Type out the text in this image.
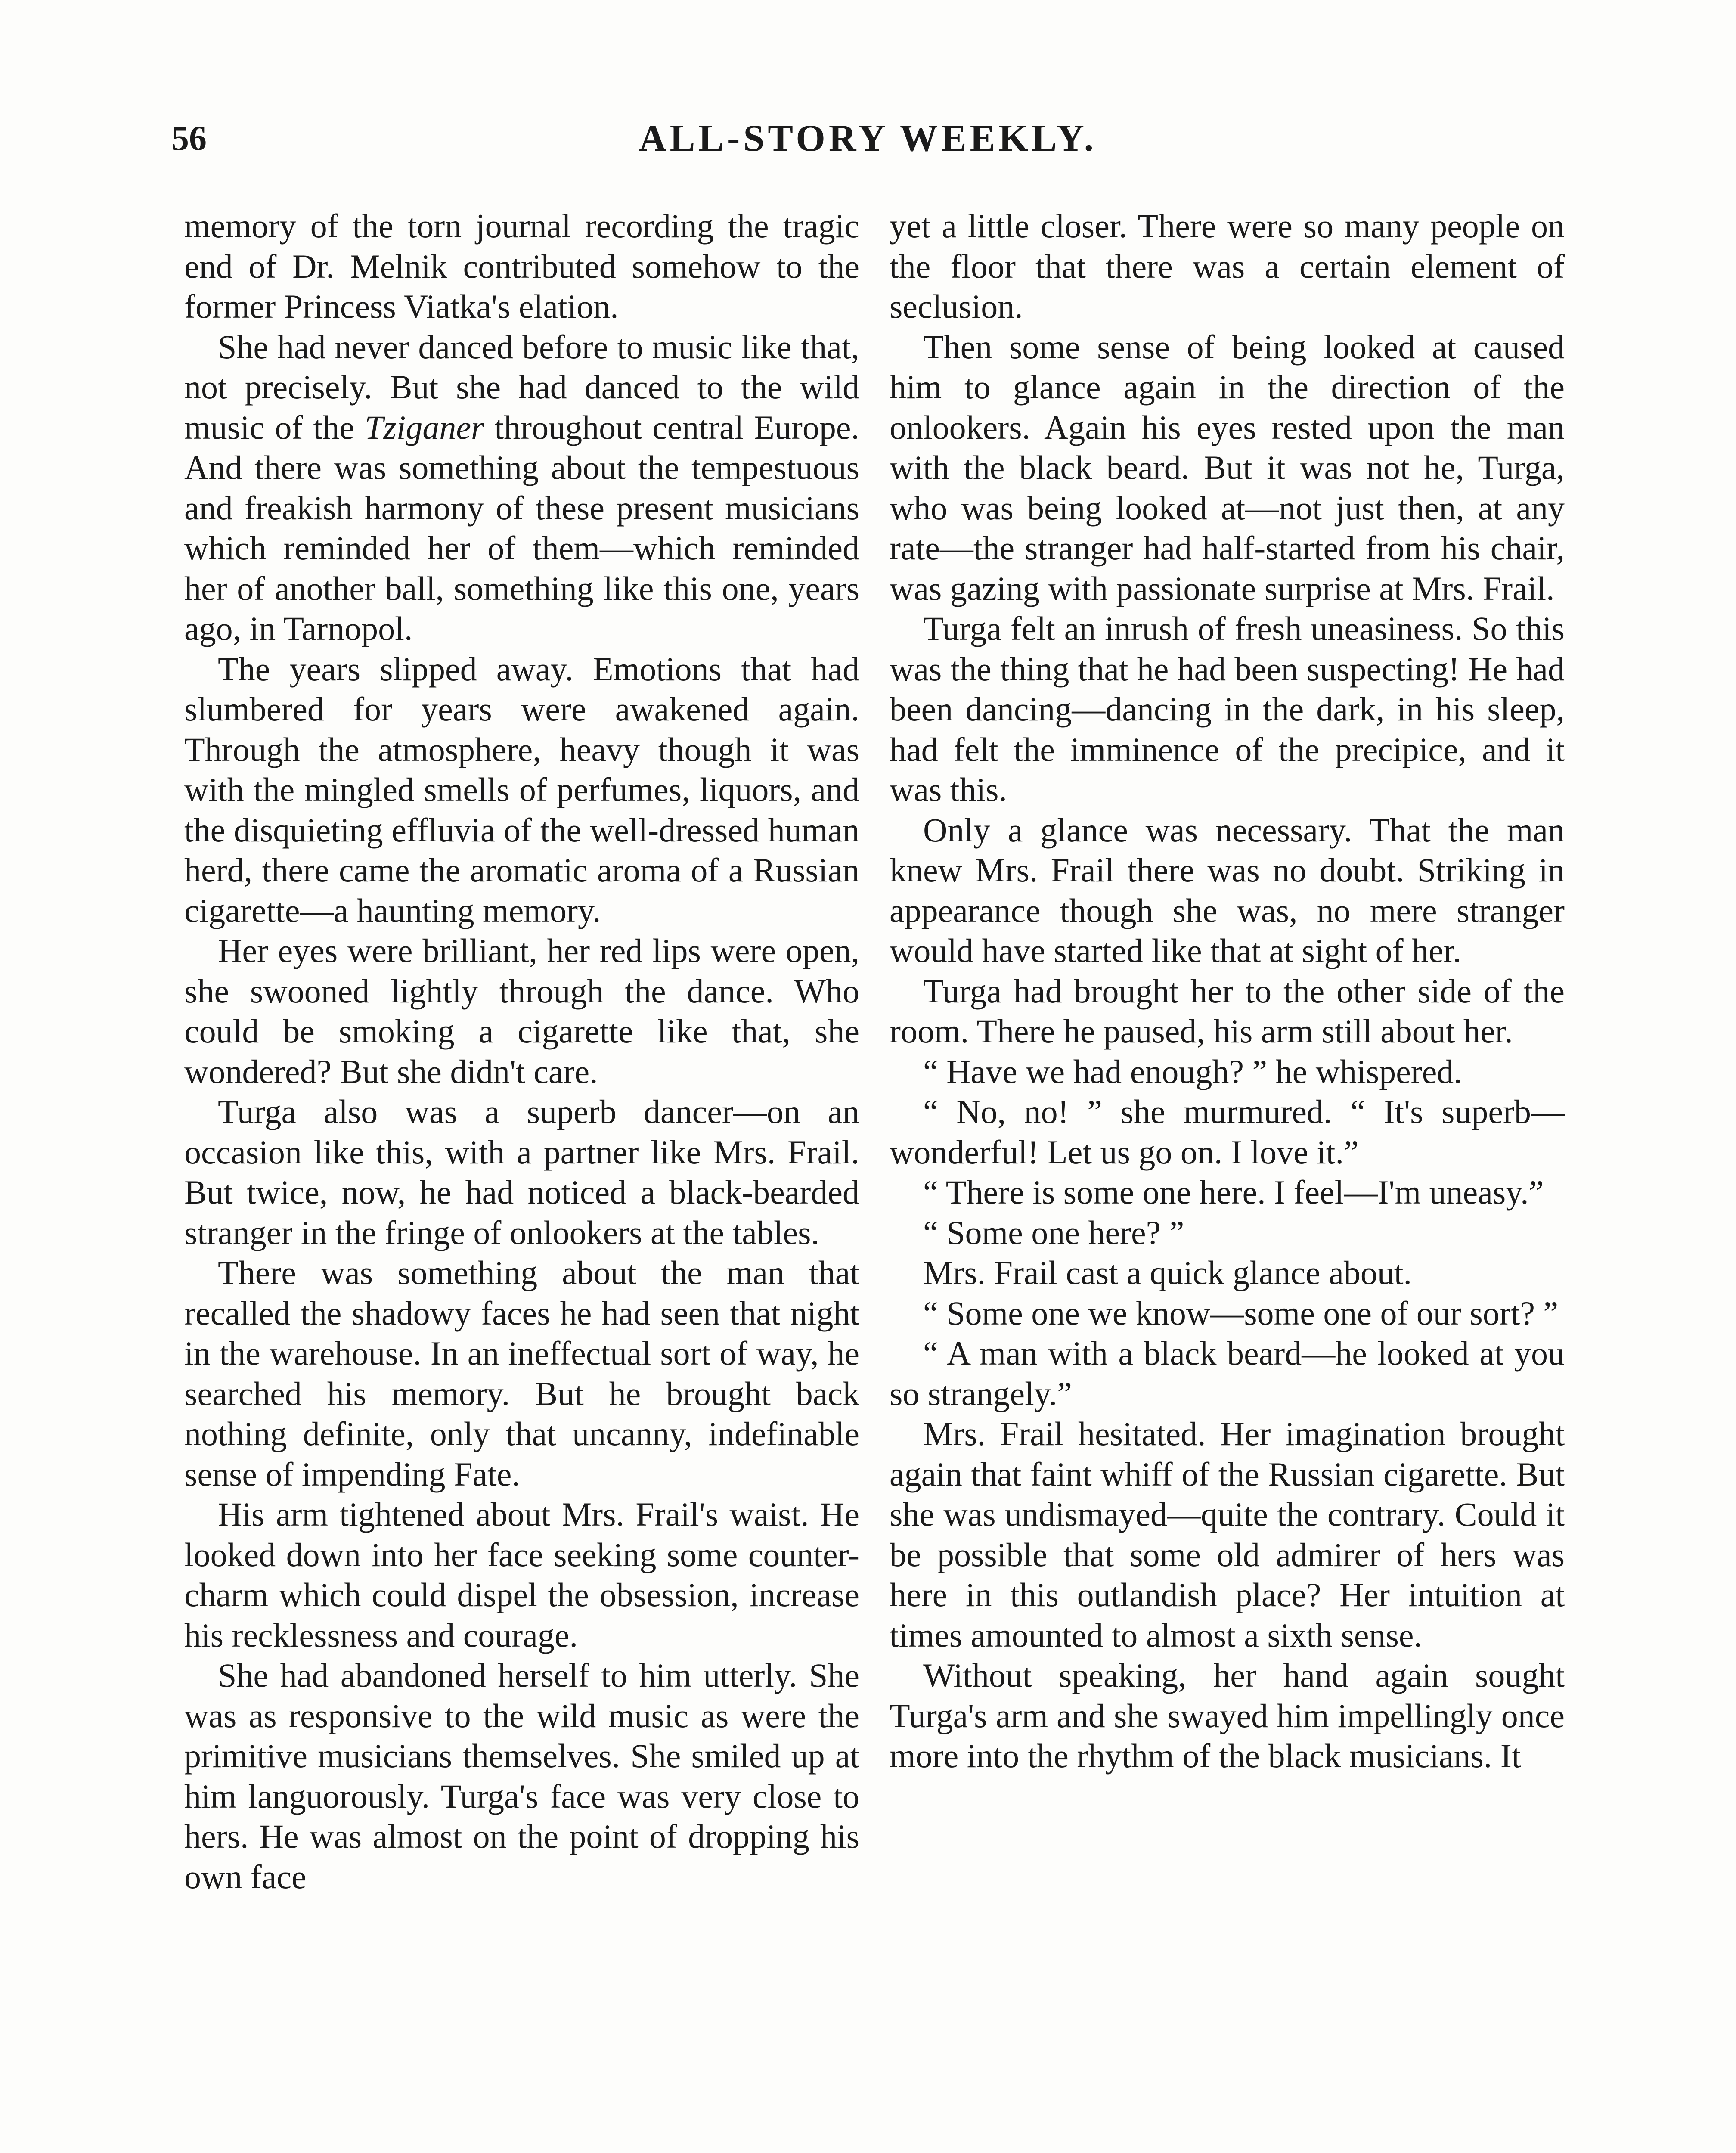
56	ALL-STORY WEEKLY.

memory of the torn journal recording the tragic end of Dr. Melnik contributed somehow to the former Princess Viatka's elation.

She had never danced before to music like that, not precisely. But she had danced to the wild music of the Tziganer throughout central Europe. And there was something about the tempestuous and freakish harmony of these present musicians which reminded her of them—which reminded her of another ball, something like this one, years ago, in Tarnopol.

The years slipped away. Emotions that had slumbered for years were awakened again. Through the atmosphere, heavy though it was with the mingled smells of perfumes, liquors, and the disquieting effluvia of the well-dressed human herd, there came the aromatic aroma of a Russian cigarette—a haunting memory.

Her eyes were brilliant, her red lips were open, she swooned lightly through the dance. Who could be smoking a cigarette like that, she wondered? But she didn't care.

Turga also was a superb dancer—on an occasion like this, with a partner like Mrs. Frail. But twice, now, he had noticed a black-bearded stranger in the fringe of onlookers at the tables.

There was something about the man that recalled the shadowy faces he had seen that night in the warehouse. In an ineffectual sort of way, he searched his memory. But he brought back nothing definite, only that uncanny, indefinable sense of impending Fate.

His arm tightened about Mrs. Frail's waist. He looked down into her face seeking some counter-charm which could dispel the obsession, increase his recklessness and courage.

She had abandoned herself to him utterly. She was as responsive to the wild music as were the primitive musicians themselves. She smiled up at him languorously. Turga's face was very close to hers. He was almost on the point of dropping his own face

yet a little closer. There were so many people on the floor that there was a certain element of seclusion.

Then some sense of being looked at caused him to glance again in the direction of the onlookers. Again his eyes rested upon the man with the black beard. But it was not he, Turga, who was being looked at—not just then, at any rate—the stranger had half-started from his chair, was gazing with passionate surprise at Mrs. Frail.

Turga felt an inrush of fresh uneasiness. So this was the thing that he had been suspecting! He had been dancing—dancing in the dark, in his sleep, had felt the imminence of the precipice, and it was this.

Only a glance was necessary. That the man knew Mrs. Frail there was no doubt. Striking in appearance though she was, no mere stranger would have started like that at sight of her.

Turga had brought her to the other side of the room. There he paused, his arm still about her.

“ Have we had enough? ” he whispered.

“ No, no! ” she murmured. “ It's superb—wonderful! Let us go on. I love it.”

“ There is some one here. I feel—I'm uneasy.”

“ Some one here? ”

Mrs. Frail cast a quick glance about.

“ Some one we know—some one of our sort? ”

“ A man with a black beard—he looked at you so strangely.”

Mrs. Frail hesitated. Her imagination brought again that faint whiff of the Russian cigarette. But she was undismayed—quite the contrary. Could it be possible that some old admirer of hers was here in this outlandish place? Her intuition at times amounted to almost a sixth sense.

Without speaking, her hand again sought Turga's arm and she swayed him impellingly once more into the rhythm of the black musicians. It
